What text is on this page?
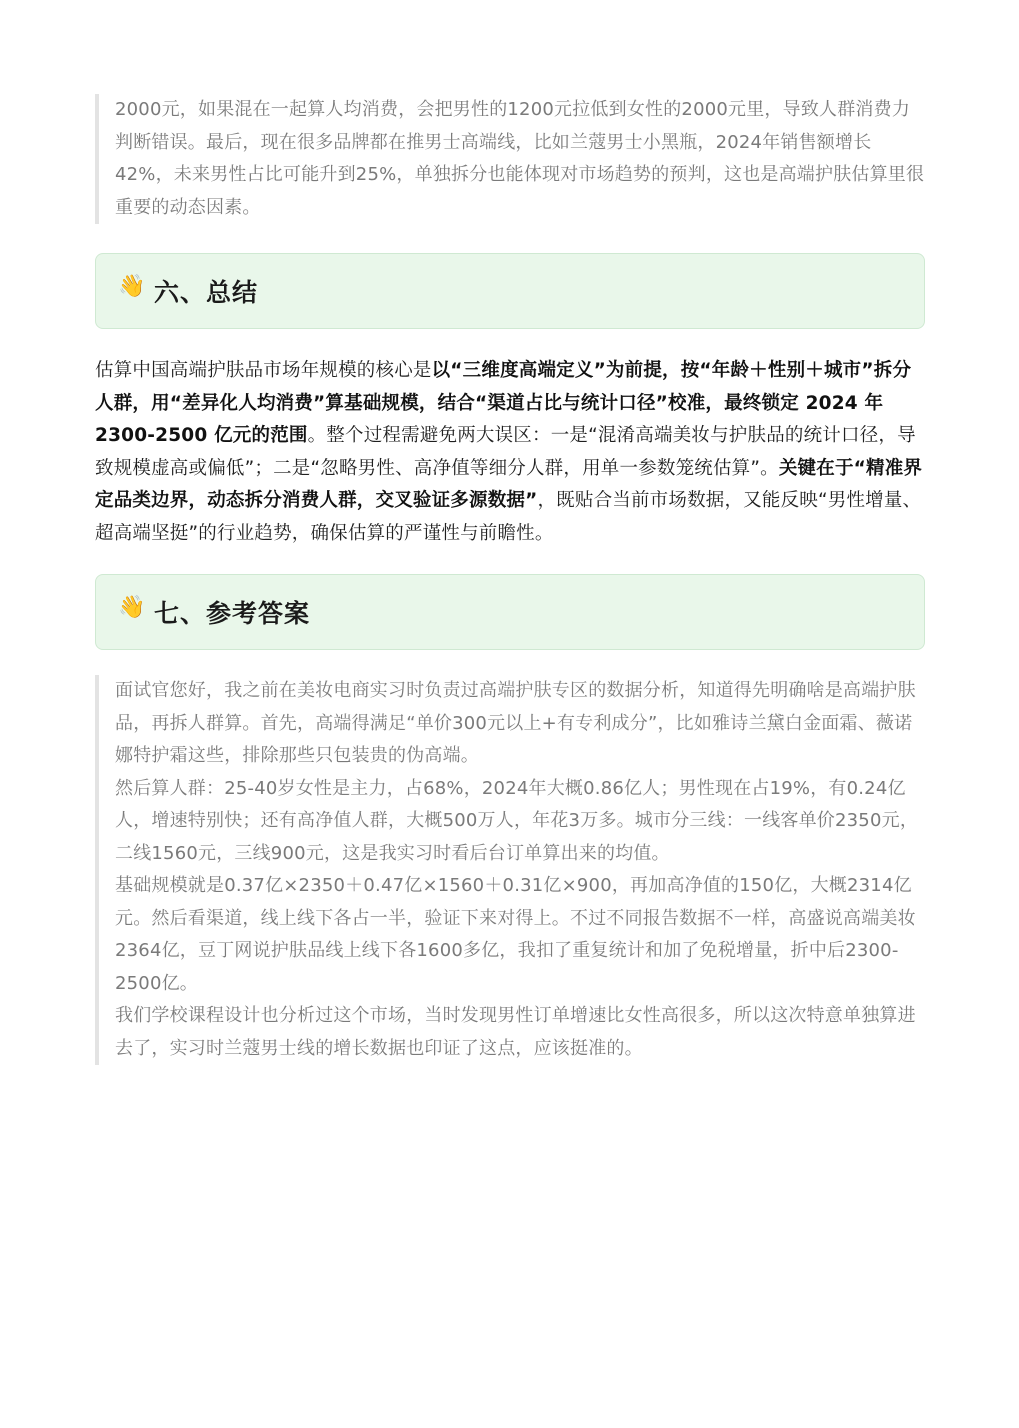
2000元，如果混在一起算人均消费，会把男性的1200元拉低到女性的2000元里，导致人群消费力判断错误。最后，现在很多品牌都在推男士高端线，比如兰蔻男士小黑瓶，2024年销售额增长42%，未来男性占比可能升到25%，单独拆分也能体现对市场趋势的预判，这也是高端护肤估算里很重要的动态因素。

👋 六、总结

估算中国高端护肤品市场年规模的核心是以“三维度高端定义”为前提，按“年龄＋性别＋城市”拆分人群，用“差异化人均消费”算基础规模，结合“渠道占比与统计口径”校准，最终锁定 2024 年 2300-2500 亿元的范围。整个过程需避免两大误区：一是“混淆高端美妆与护肤品的统计口径，导致规模虚高或偏低”；二是“忽略男性、高净值等细分人群，用单一参数笼统估算”。关键在于“精准界定品类边界，动态拆分消费人群，交叉验证多源数据”，既贴合当前市场数据，又能反映“男性增量、超高端坚挺”的行业趋势，确保估算的严谨性与前瞻性。

👋 七、参考答案

面试官您好，我之前在美妆电商实习时负责过高端护肤专区的数据分析，知道得先明确啥是高端护肤品，再拆人群算。首先，高端得满足“单价300元以上+有专利成分”，比如雅诗兰黛白金面霜、薇诺娜特护霜这些，排除那些只包装贵的伪高端。

然后算人群：25-40岁女性是主力，占68%，2024年大概0.86亿人；男性现在占19%，有0.24亿人，增速特别快；还有高净值人群，大概500万人，年花3万多。城市分三线：一线客单价2350元，二线1560元，三线900元，这是我实习时看后台订单算出来的均值。

基础规模就是0.37亿×2350＋0.47亿×1560＋0.31亿×900，再加高净值的150亿，大概2314亿元。然后看渠道，线上线下各占一半，验证下来对得上。不过不同报告数据不一样，高盛说高端美妆2364亿，豆丁网说护肤品线上线下各1600多亿，我扣了重复统计和加了免税增量，折中后2300-2500亿。

我们学校课程设计也分析过这个市场，当时发现男性订单增速比女性高很多，所以这次特意单独算进去了，实习时兰蔻男士线的增长数据也印证了这点，应该挺准的。
